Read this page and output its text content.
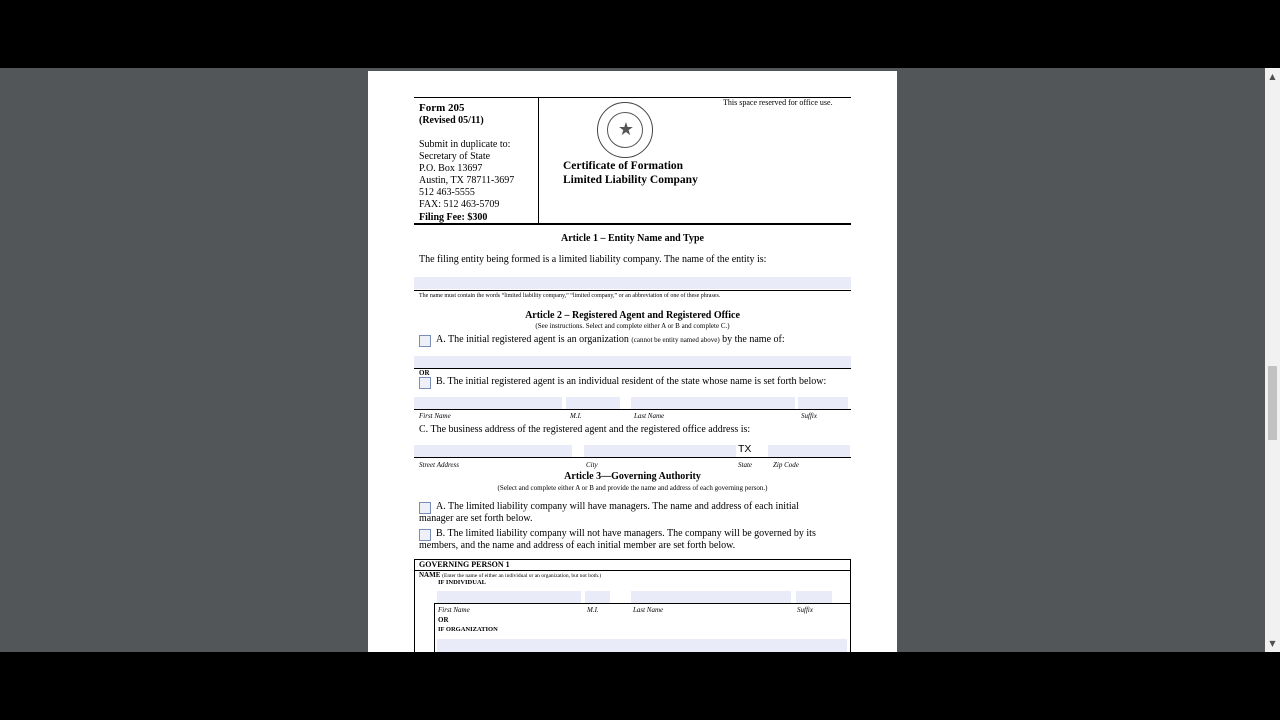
Form 205
(Revised 05/11)
This space reserved for office use.
Submit in duplicate to:
Secretary of State
P.O. Box 13697
Austin, TX 78711-3697
512 463-5555
FAX: 512 463-5709
Filing Fee: $300
★
Certificate of Formation
Limited Liability Company
Article 1 – Entity Name and Type
The filing entity being formed is a limited liability company. The name of the entity is:
The name must contain the words “limited liability company,” “limited company,” or an abbreviation of one of these phrases.
Article 2 – Registered Agent and Registered Office
(See instructions. Select and complete either A or B and complete C.)
A. The initial registered agent is an organization (cannot be entity named above) by the name of:
OR
B. The initial registered agent is an individual resident of the state whose name is set forth below:
First Name	M.I.	Last Name	Suffix
C. The business address of the registered agent and the registered office address is:
TX
Street Address	City	State	Zip Code
Article 3—Governing Authority
(Select and complete either A or B and provide the name and address of each governing person.)
A. The limited liability company will have managers. The name and address of each initial
manager are set forth below.
B. The limited liability company will not have managers. The company will be governed by its
members, and the name and address of each initial member are set forth below.
GOVERNING PERSON 1
NAME (Enter the name of either an individual or an organization, but not both.)
IF INDIVIDUAL
First Name	M.I.	Last Name	Suffix
OR
IF ORGANIZATION
▲
▼
